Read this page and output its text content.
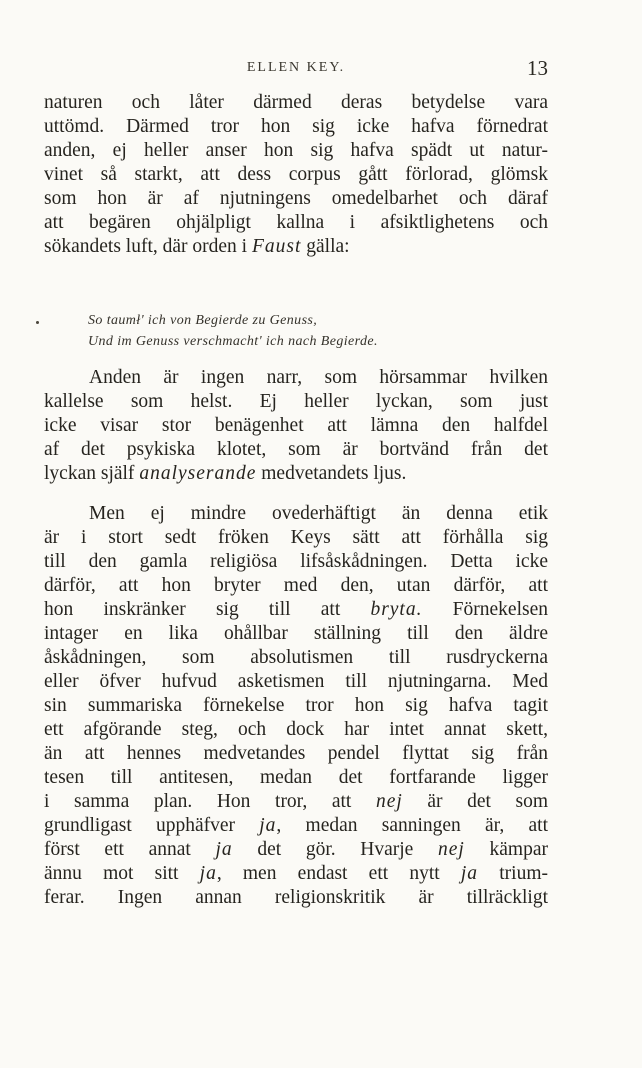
ELLEN KEY.	13
naturen och låter därmed deras betydelse vara
uttömd. Därmed tror hon sig icke hafva förnedrat
anden, ej heller anser hon sig hafva spädt ut natur-
vinet så starkt, att dess corpus gått förlorad, glömsk
som hon är af njutningens omedelbarhet och däraf
att begären ohjälpligt kallna i afsiktlighetens och
sökandets luft, där orden i Faust gälla:
So taumł' ich von Begierde zu Genuss,
Und im Genuss verschmacht' ich nach Begierde.
Anden är ingen narr, som hörsammar hvilken
kallelse som helst. Ej heller lyckan, som just
icke visar stor benägenhet att lämna den halfdel
af det psykiska klotet, som är bortvänd från det
lyckan själf analyserande medvetandets ljus.
Men ej mindre ovederhäftigt än denna etik
är i stort sedt fröken Keys sätt att förhålla sig
till den gamla religiösa lifsåskådningen. Detta icke
därför, att hon bryter med den, utan därför, att
hon inskränker sig till att bryta. Förnekelsen
intager en lika ohållbar ställning till den äldre
åskådningen, som absolutismen till rusdryckerna
eller öfver hufvud asketismen till njutningarna. Med
sin summariska förnekelse tror hon sig hafva tagit
ett afgörande steg, och dock har intet annat skett,
än att hennes medvetandes pendel flyttat sig från
tesen till antitesen, medan det fortfarande ligger
i samma plan. Hon tror, att nej är det som
grundligast upphäfver ja, medan sanningen är, att
först ett annat ja det gör. Hvarje nej kämpar
ännu mot sitt ja, men endast ett nytt ja trium-
ferar. Ingen annan religionskritik är tillräckligt
